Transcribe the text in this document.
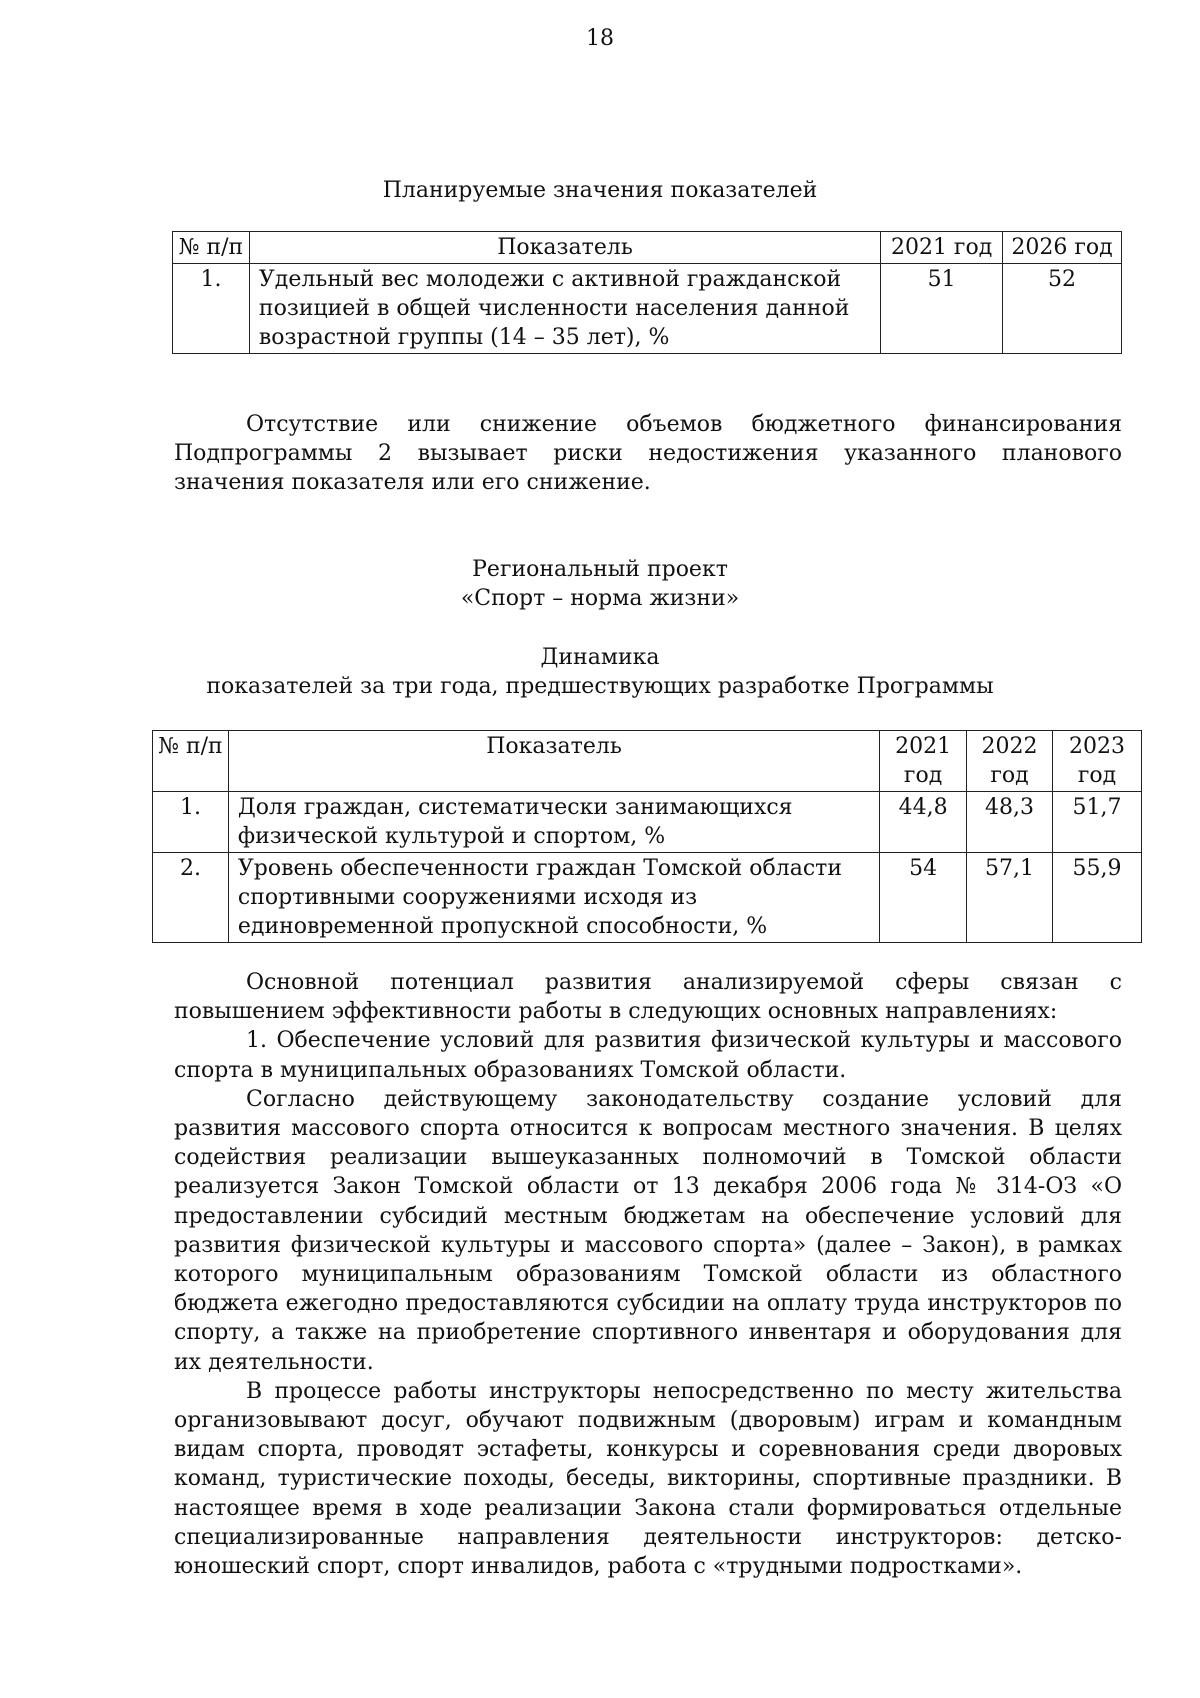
18
Планируемые значения показателей
№ п/п	Показатель	2021 год	2026 год
1.	Удельный вес молодежи с активной гражданской позицией в общей численности населения данной возрастной группы (14 – 35 лет), %	51	52

Отсутствие или снижение объемов бюджетного финансирования Подпрограммы 2 вызывает риски недостижения указанного планового значения показателя или его снижение.

Региональный проект
«Спорт – норма жизни»
Динамика
показателей за три года, предшествующих разработке Программы
№ п/п	Показатель	2021 год	2022 год	2023 год
1.	Доля граждан, систематически занимающихся физической культурой и спортом, %	44,8	48,3	51,7
2.	Уровень обеспеченности граждан Томской области спортивными сооружениями исходя из единовременной пропускной способности, %	54	57,1	55,9

Основной потенциал развития анализируемой сферы связан с повышением эффективности работы в следующих основных направлениях:

1. Обеспечение условий для развития физической культуры и массового спорта в муниципальных образованиях Томской области.

Согласно действующему законодательству создание условий для развития массового спорта относится к вопросам местного значения. В целях содействия реализации вышеуказанных полномочий в Томской области реализуется Закон Томской области от 13 декабря 2006 года № 314-ОЗ «О предоставлении субсидий местным бюджетам на обеспечение условий для развития физической культуры и массового спорта» (далее – Закон), в рамках которого муниципальным образованиям Томской области из областного бюджета ежегодно предоставляются субсидии на оплату труда инструкторов по спорту, а также на приобретение спортивного инвентаря и оборудования для их деятельности.

В процессе работы инструкторы непосредственно по месту жительства организовывают досуг, обучают подвижным (дворовым) играм и командным видам спорта, проводят эстафеты, конкурсы и соревнования среди дворовых команд, туристические походы, беседы, викторины, спортивные праздники. В настоящее время в ходе реализации Закона стали формироваться отдельные специализированные направления деятельности инструкторов: детско-юношеский спорт, спорт инвалидов, работа с «трудными подростками».
